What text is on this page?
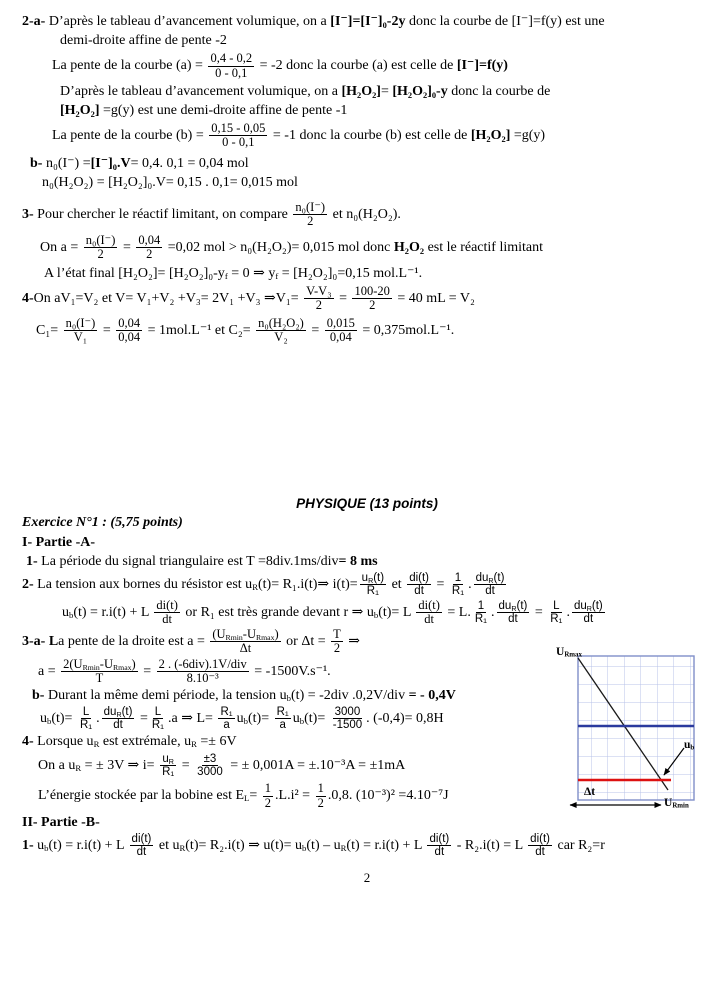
2-a- D’après le tableau d’avancement volumique, on a [I⁻]=[I⁻]₀-2y donc la courbe de [I⁻]=f(y) est une
demi-droite affine de pente -2
La pente de la courbe $(a) = \frac{0,4 - 0,2}{0 - 0,1} = -2$ donc la courbe (a) est celle de [I⁻]=f(y)
D’après le tableau d’avancement volumique, on a [H₂O₂]= [H₂O₂]₀-y donc la courbe de
[H₂O₂] =g(y) est une demi-droite affine de pente -1
La pente de la courbe $(b) = \frac{0,15 - 0,05}{0 - 0,1} = -1$ donc la courbe (b) est celle de [H₂O₂] =g(y)
b- n₀(I⁻) =[I⁻]₀.V= 0,4. 0,1 = 0,04 mol
n₀(H₂O₂) = [H₂O₂]₀.V= 0,15 . 0,1= 0,015 mol
3- Pour chercher le réactif limitant, on compare $\frac{\text{n₀(I⁻)}}{2}$ et n₀(H₂O₂).
On $a = \frac{\text{n₀(I⁻)}}{2} = \frac{0,04}{2} =0,02$ mol > n₀(H₂O₂)= 0,015 mol donc H₂O₂ est le réactif limitant
A l’état final $[H_2O_2]= [H_2O_2]_0-y_f = 0$ ⇒ $y_f = [H_2O_2]_0=0,15$ mol.L⁻¹.
4-On aV₁=V₂ et V= V₁+V₂ +V₃= 2V₁ +V₃ ⇒V₁= $\frac{\text{V-V₃}}{2} = \frac{100-20}{2} = 40$ mL = V₂
$C_1= \frac{\text{n₀(I⁻)}}{\text{V₁}} = \frac{0,04}{0,04} = 1mol.L^{-1}$ et $C_2= \frac{\text{n₀(H₂O₂)}}{\text{V₂}} = \frac{0,015}{0,04} = 0,375mol.L^{-1}$.
PHYSIQUE (13 points)
Exercice N°1 : (5,75 points)
I- Partie -A-
1- La période du signal triangulaire est T =8div.1ms/div= 8 ms
2- La tension aux bornes du résistor est $u_R(t)=$ R₁.i(t)⇒ $i(t)= \frac{u_R(t)}{\text{R₁}}$ et $\frac{di(t)}{dt} = \frac{1}{\text{R₁}}$ . $\frac{du_R(t)}{dt}$
$u_b(t) = r.i(t) + L \frac{di(t)}{dt}$ or R₁ est très grande devant r ⇒ $u_b(t)= L \frac{di(t)}{dt} = L$. $\frac{1}{\text{R₁}}$ . $\frac{du_R(t)}{dt} = \frac{L}{\text{R₁}}$ . $\frac{du_R(t)}{dt}$
3-a- La pente de la droite est $a = \frac{(U_{Rmin}-U_{Rmax})}{\Delta t}$ or $\Delta t = \frac{T}{2}$ ⇒
$a = \frac{2(U_{Rmin}-U_{Rmax})}{T} = \frac{\text{2 . (-6div).1V/div}}{\text{8.10⁻³}} = -1500V.s^{-1}$.
b- Durant la même demi période, la tension $u_b(t) = -2div$ .0,2V/div = - 0,4V
$u_b(t)= \frac{L}{\text{R₁}}$ . $\frac{du_R(t)}{dt} = \frac{L}{\text{R₁}} .a$ ⇒ $L= \frac{\text{R₁}}{a} u_b(t)= \frac{\text{R₁}}{a} u_b(t)= \frac{3000}{-1500}$ . (-0,4)= 0,8H
4- Lorsque $u_R$ est extrémale, $u_R =\pm 6V$
On a $u_R$ = ± 3V ⇒ $i= \frac{u_R}{\text{R₁}} = \frac{\pm 3}{3000}$ = ± 0,001A = ±.10⁻³A = ±1mA
L’énergie stockée par la bobine est $E_L= \frac{1}{2} .L.i^2 = \frac{1}{2} .0,8$. (10⁻³)² =4.10⁻⁷J
II- Partie -B-
1- $u_b(t) = r.i(t) + L \frac{di(t)}{dt}$ et $u_R(t)= R_2.i(t)$ ⇒ $u(t)= u_b(t) - u_R(t) = r.i(t) + L \frac{di(t)}{dt} - R_2.i(t) = L \frac{di(t)}{dt}$ car R₂=r
2
$U_{Rmax}$
$u_b$
Δt
$U_{Rmin}$
